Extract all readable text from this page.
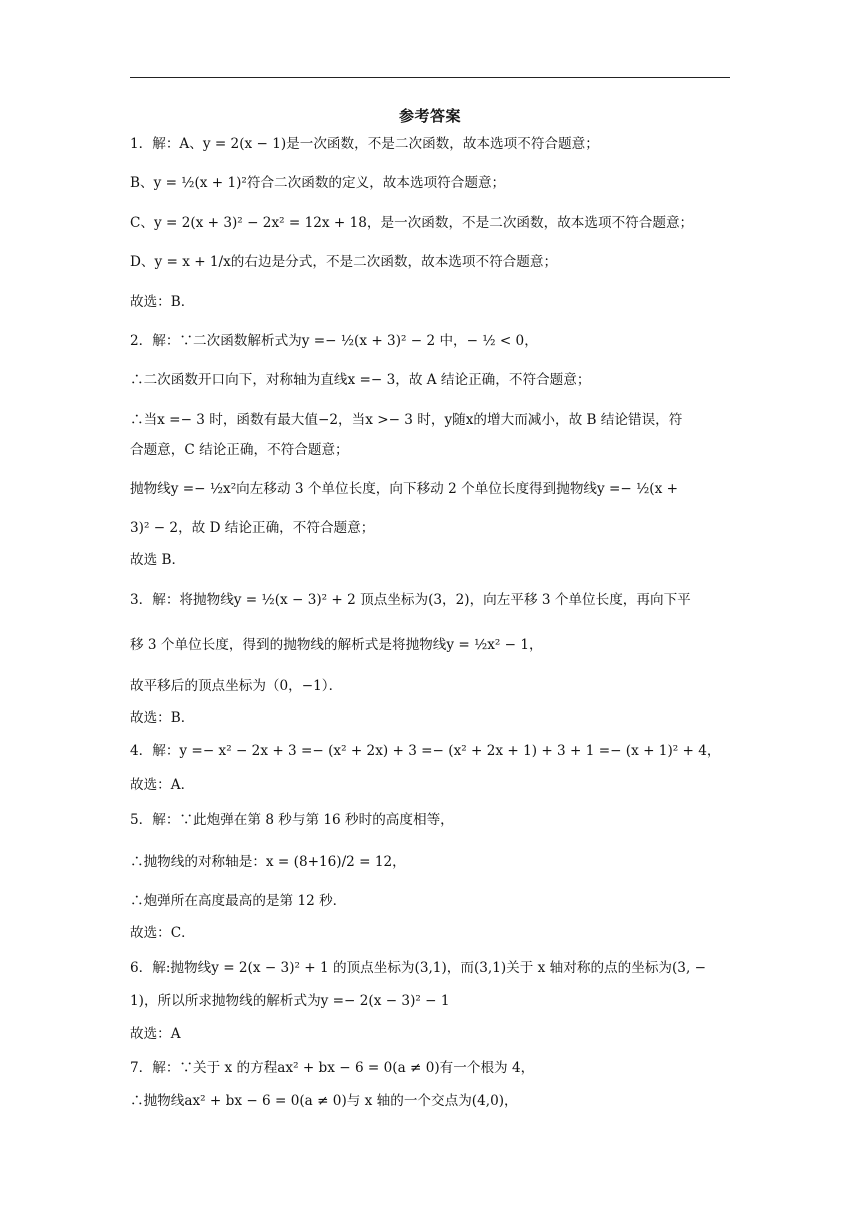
参考答案
1．解：A、y = 2(x − 1)是一次函数，不是二次函数，故本选项不符合题意；
B、y = ½(x + 1)²符合二次函数的定义，故本选项符合题意；
C、y = 2(x + 3)² − 2x² = 12x + 18，是一次函数，不是二次函数，故本选项不符合题意；
D、y = x + 1/x的右边是分式，不是二次函数，故本选项不符合题意；
故选：B．
2．解：∵二次函数解析式为y =− ½(x + 3)² − 2 中，− ½ < 0，
∴二次函数开口向下，对称轴为直线x =− 3，故 A 结论正确，不符合题意；
∴当x =− 3 时，函数有最大值−2，当x >− 3 时，y随x的增大而减小，故 B 结论错误，符
合题意，C 结论正确，不符合题意；
抛物线y =− ½x²向左移动 3 个单位长度，向下移动 2 个单位长度得到抛物线y =− ½(x +
3)² − 2，故 D 结论正确，不符合题意；
故选 B．
3．解：将抛物线y = ½(x − 3)² + 2 顶点坐标为(3，2)，向左平移 3 个单位长度，再向下平
移 3 个单位长度，得到的抛物线的解析式是将抛物线y = ½x² − 1，
故平移后的顶点坐标为（0，−1）．
故选：B．
4．解：y =− x² − 2x + 3 =− (x² + 2x) + 3 =− (x² + 2x + 1) + 3 + 1 =− (x + 1)² + 4，
故选：A．
5．解：∵此炮弹在第 8 秒与第 16 秒时的高度相等，
∴抛物线的对称轴是：x = (8+16)/2 = 12，
∴炮弹所在高度最高的是第 12 秒．
故选：C．
6．解:抛物线y = 2(x − 3)² + 1 的顶点坐标为(3,1)，而(3,1)关于 x 轴对称的点的坐标为(3, −
1)，所以所求抛物线的解析式为y =− 2(x − 3)² − 1
故选：A
7．解：∵关于 x 的方程ax² + bx − 6 = 0(a ≠ 0)有一个根为 4，
∴抛物线ax² + bx − 6 = 0(a ≠ 0)与 x 轴的一个交点为(4,0)，
